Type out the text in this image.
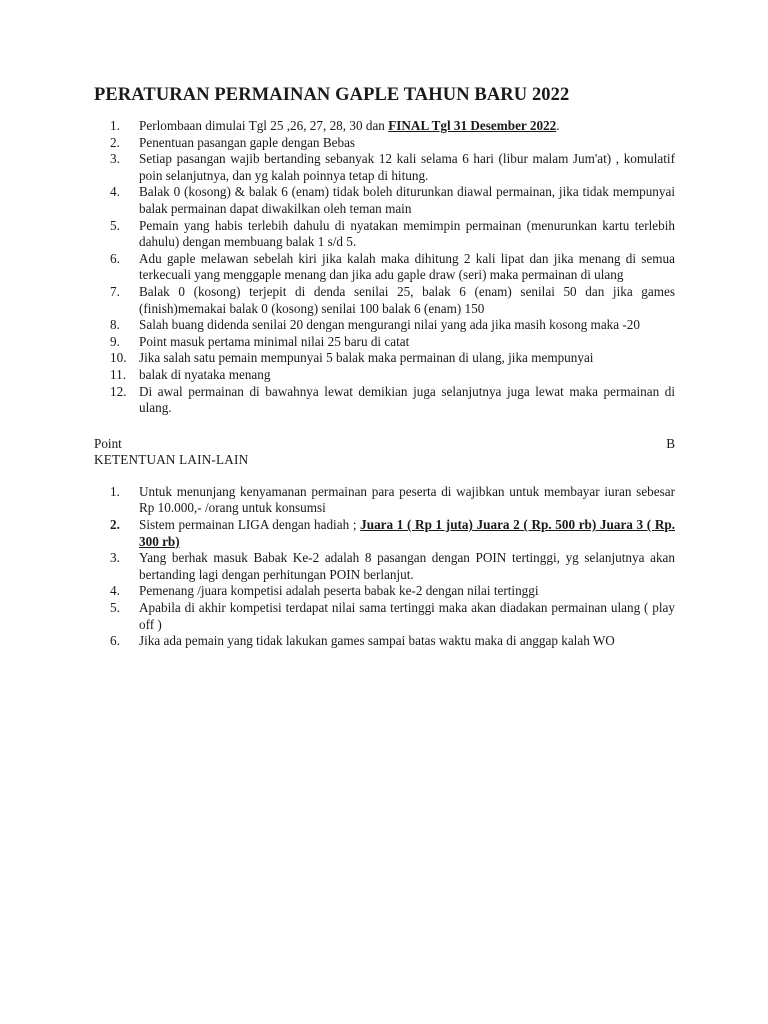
PERATURAN PERMAINAN GAPLE TAHUN BARU 2022
1.	Perlombaan dimulai Tgl 25 ,26, 27, 28, 30 dan FINAL Tgl 31 Desember 2022.
2.	Penentuan pasangan gaple dengan Bebas
3.	Setiap pasangan wajib bertanding sebanyak 12 kali selama 6 hari (libur malam Jum'at) , komulatif poin selanjutnya, dan yg kalah poinnya tetap di hitung.
4.	Balak 0 (kosong) & balak 6 (enam) tidak boleh diturunkan diawal permainan, jika tidak mempunyai balak permainan dapat diwakilkan oleh teman main
5.	Pemain yang habis terlebih dahulu di nyatakan memimpin permainan (menurunkan kartu terlebih dahulu) dengan membuang balak 1 s/d 5.
6.	Adu gaple melawan sebelah kiri jika kalah maka dihitung 2 kali lipat dan jika menang di semua terkecuali yang menggaple menang dan jika adu gaple draw (seri) maka permainan di ulang
7.	Balak 0 (kosong) terjepit di denda senilai 25, balak 6 (enam) senilai 50 dan jika games (finish)memakai balak 0 (kosong) senilai 100 balak 6 (enam) 150
8.	Salah buang didenda senilai 20 dengan mengurangi nilai yang ada jika masih kosong maka -20
9.	Point masuk pertama minimal nilai 25 baru di catat
10. Jika salah satu pemain mempunyai 5 balak maka permainan di ulang, jika mempunyai
11. balak di nyataka menang
12. Di awal permainan di bawahnya lewat demikian juga selanjutnya juga lewat maka permainan di ulang.
Point	B
KETENTUAN LAIN-LAIN
1.	Untuk menunjang kenyamanan permainan para peserta di wajibkan untuk membayar iuran sebesar Rp 10.000,- /orang untuk konsumsi
2.	Sistem permainan LIGA dengan hadiah ; Juara 1 ( Rp 1 juta) Juara 2 ( Rp. 500 rb) Juara 3 ( Rp. 300 rb)
3.	Yang berhak masuk Babak Ke-2 adalah 8 pasangan dengan POIN tertinggi, yg selanjutnya akan bertanding lagi dengan perhitungan POIN berlanjut.
4.	Pemenang /juara kompetisi adalah peserta babak ke-2 dengan nilai tertinggi
5.	Apabila di akhir kompetisi terdapat nilai sama tertinggi maka akan diadakan permainan ulang ( play off )
6.	Jika ada pemain yang tidak lakukan games sampai batas waktu maka di anggap kalah WO
